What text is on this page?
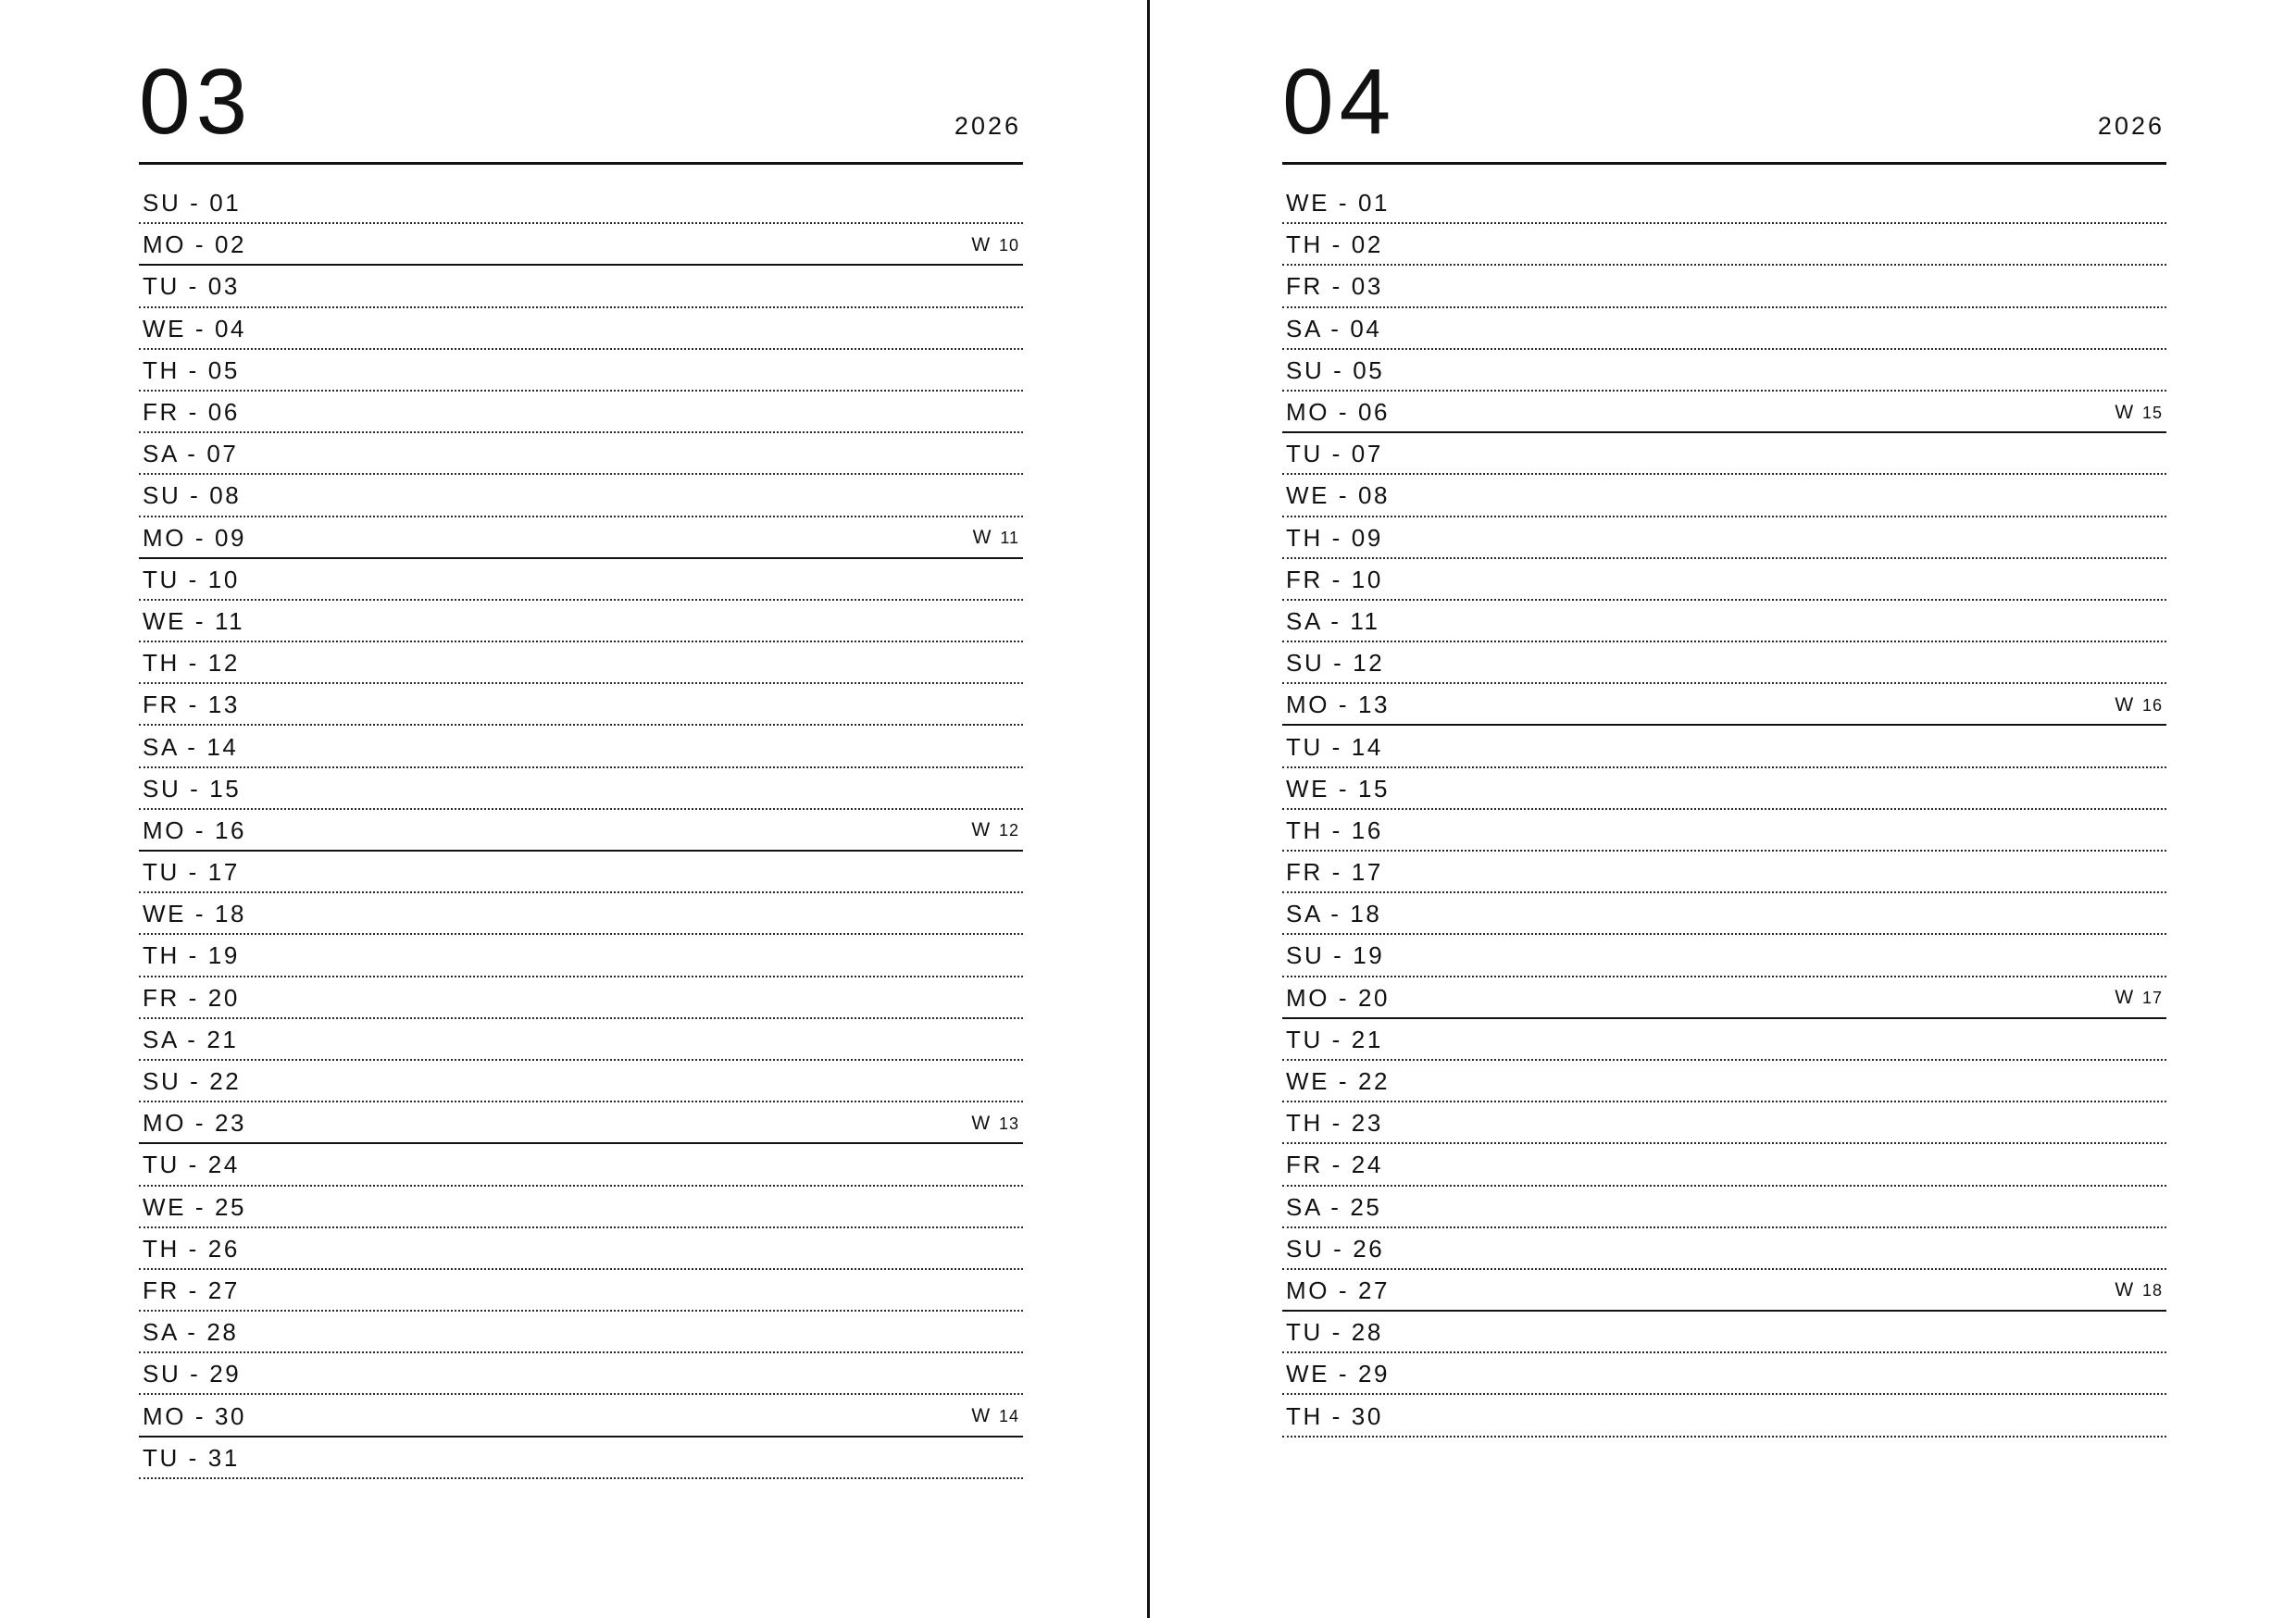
03	2026
SU - 01
MO - 02	W 10
TU - 03
WE - 04
TH - 05
FR - 06
SA - 07
SU - 08
MO - 09	W 11
TU - 10
WE - 11
TH - 12
FR - 13
SA - 14
SU - 15
MO - 16	W 12
TU - 17
WE - 18
TH - 19
FR - 20
SA - 21
SU - 22
MO - 23	W 13
TU - 24
WE - 25
TH - 26
FR - 27
SA - 28
SU - 29
MO - 30	W 14
TU - 31
04	2026
WE - 01
TH - 02
FR - 03
SA - 04
SU - 05
MO - 06	W 15
TU - 07
WE - 08
TH - 09
FR - 10
SA - 11
SU - 12
MO - 13	W 16
TU - 14
WE - 15
TH - 16
FR - 17
SA - 18
SU - 19
MO - 20	W 17
TU - 21
WE - 22
TH - 23
FR - 24
SA - 25
SU - 26
MO - 27	W 18
TU - 28
WE - 29
TH - 30
